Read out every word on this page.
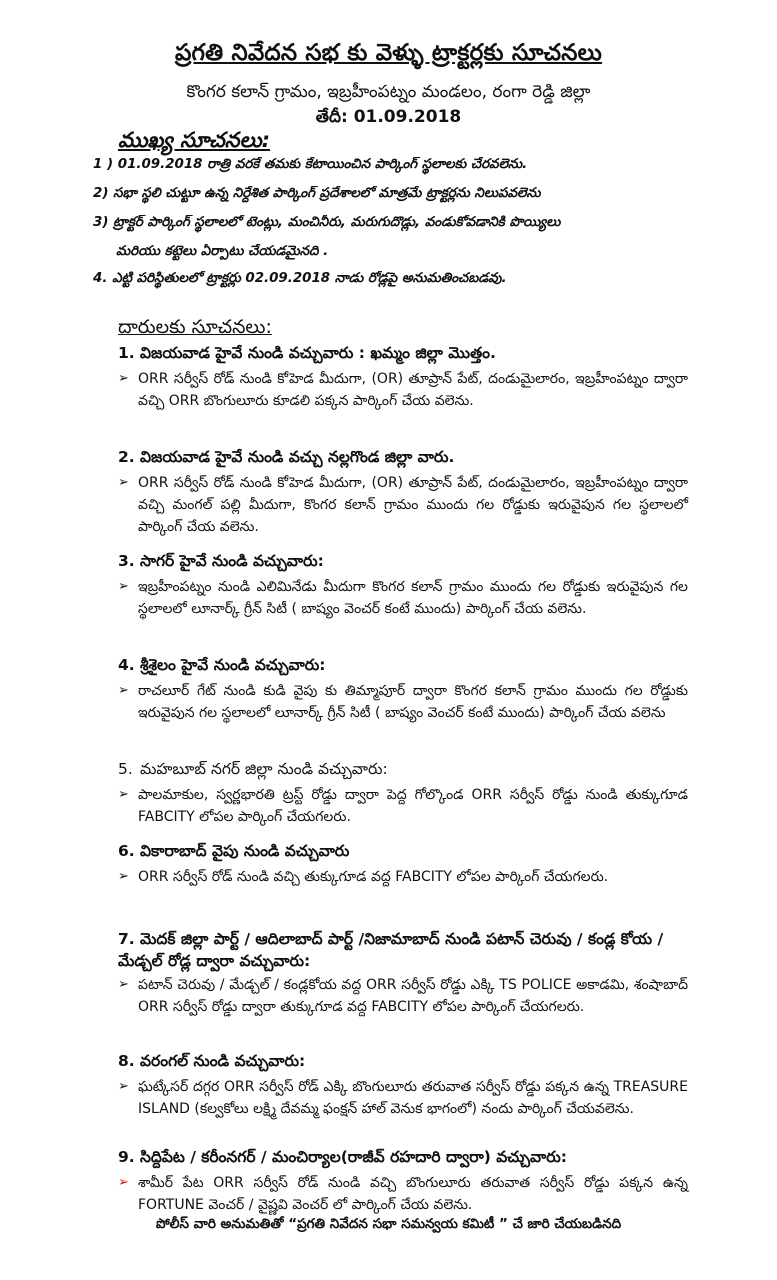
ప్రగతి నివేదన సభ కు వెళ్ళు ట్రాక్టర్లకు సూచనలు
కొంగర కలాన్ గ్రామం, ఇబ్రహీంపట్నం మండలం, రంగా రెడ్డి జిల్లా
తేదీ: 01.09.2018
ముఖ్య సూచనలు:
1 ) 01.09.2018 రాత్రి వరకే తమకు కేటాయించిన పార్కింగ్ స్థలాలకు చేరవలెను.
2) సభా స్థలి చుట్టూ ఉన్న నిర్దేశిత పార్కింగ్ ప్రదేశాలలో మాత్రమే ట్రాక్టర్లను నిలుపవలెను
3) ట్రాక్టర్ పార్కింగ్ స్థలాలలో టెంట్లు, మంచినీరు, మరుగుదొడ్లు, వండుకోవడానికి పొయ్యిలు
మరియు కట్టెలు ఏర్పాటు చేయడమైనది .
4. ఎట్టి పరిస్థితులలో ట్రాక్టర్లు 02.09.2018 నాడు రోడ్లపై అనుమతించబడవు.
దారులకు సూచనలు:
1. విజయవాడ హైవే నుండి వచ్చువారు : ఖమ్మం జిల్లా మొత్తం.
➢ ORR సర్వీస్ రోడ్ నుండి కోహెడ మీదుగా, (OR) తూప్రాన్ పేట్, దండుమైలారం, ఇబ్రహీంపట్నం ద్వారా వచ్చి ORR బొంగులూరు కూడలి పక్కన పార్కింగ్ చేయ వలెను.
2. విజయవాడ హైవే నుండి వచ్చు నల్లగొండ జిల్లా వారు.
➢ ORR సర్వీస్ రోడ్ నుండి కోహెడ మీదుగా, (OR) తూప్రాన్ పేట్, దండుమైలారం, ఇబ్రహీంపట్నం ద్వారా వచ్చి మంగల్ పల్లి మీదుగా, కొంగర కలాన్ గ్రామం ముందు గల రోడ్డుకు ఇరువైపున గల స్థలాలలో పార్కింగ్ చేయ వలెను.
3. సాగర్ హైవే నుండి వచ్చువారు:
➢ ఇబ్రహీంపట్నం నుండి ఎలిమినేడు మీదుగా కొంగర కలాన్ గ్రామం ముందు గల రోడ్డుకు ఇరువైపున గల స్థలాలలో లూనార్క్ గ్రీన్ సిటీ ( బాష్యం వెంచర్ కంటే ముందు) పార్కింగ్ చేయ వలెను.
4. శ్రీశైలం హైవే నుండి వచ్చువారు:
➢ రాచలూర్ గేట్ నుండి కుడి వైపు కు తిమ్మాపూర్ ద్వారా కొంగర కలాన్ గ్రామం ముందు గల రోడ్డుకు ఇరువైపున గల స్థలాలలో లూనార్క్ గ్రీన్ సిటీ ( బాష్యం వెంచర్ కంటే ముందు) పార్కింగ్ చేయ వలెను
5. మహబూబ్ నగర్ జిల్లా నుండి వచ్చువారు:
➢ పాలమాకుల, స్వర్ణభారతి ట్రస్ట్ రోడ్డు ద్వారా పెద్ద గోల్కొండ ORR సర్వీస్ రోడ్డు నుండి తుక్కుగూడ FABCITY లోపల పార్కింగ్ చేయగలరు.
6. వికారాబాద్ వైపు నుండి వచ్చువారు
➢ ORR సర్వీస్ రోడ్ నుండి వచ్చి తుక్కుగూడ వద్ద FABCITY లోపల పార్కింగ్ చేయగలరు.
7. మెదక్ జిల్లా పార్ట్ / ఆదిలాబాద్ పార్ట్ /నిజామాబాద్ నుండి పటాన్ చెరువు / కండ్ల కోయ / మేడ్చల్ రోడ్ల ద్వారా వచ్చువారు:
➢ పటాన్ చెరువు / మేడ్చల్ / కండ్లకోయ వద్ద ORR సర్వీస్ రోడ్డు ఎక్కి TS POLICE అకాడమి, శంషాబాద్ ORR సర్వీస్ రోడ్డు ద్వారా తుక్కుగూడ వద్ద FABCITY లోపల పార్కింగ్ చేయగలరు.
8. వరంగల్ నుండి వచ్చువారు:
➢ ఘట్కేసర్ దగ్గర ORR సర్వీస్ రోడ్ ఎక్కి బొంగులూరు తరువాత సర్వీస్ రోడ్డు పక్కన ఉన్న TREASURE ISLAND (కల్వకోలు లక్ష్మి దేవమ్మ ఫంక్షన్ హాల్ వెనుక భాగంలో) నందు పార్కింగ్ చేయవలెను.
9. సిద్దిపేట / కరీంనగర్ / మంచిర్యాల(రాజీవ్ రహదారి ద్వారా) వచ్చువారు:
➢ శామీర్ పేట ORR సర్వీస్ రోడ్ నుండి వచ్చి బొంగులూరు తరువాత సర్వీస్ రోడ్డు పక్కన ఉన్న FORTUNE వెంచర్ / వైష్ణవి వెంచర్ లో పార్కింగ్ చేయ వలెను.
పోలీస్ వారి అనుమతితో “ప్రగతి నివేదన సభా సమన్వయ కమిటీ ” చే జారి చేయబడినది
